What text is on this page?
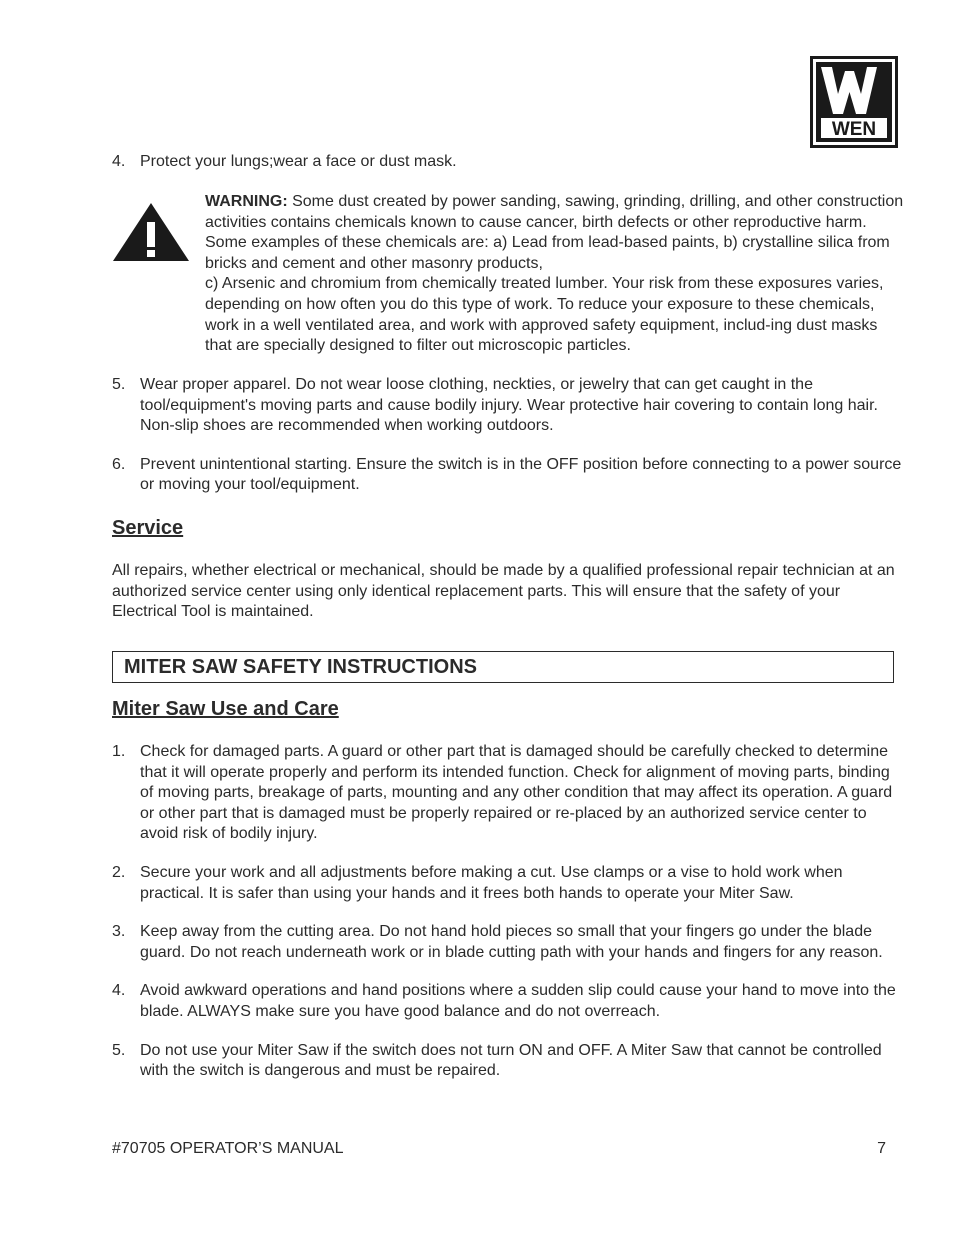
WEN
4. Protect your lungs;wear a face or dust mask.
WARNING: Some dust created by power sanding, sawing, grinding, drilling, and other construction activities contains chemicals known to cause cancer, birth defects or other reproductive harm. Some examples of these chemicals are: a) Lead from lead-based paints, b) crystalline silica from bricks and cement and other masonry products,
c) Arsenic and chromium from chemically treated lumber. Your risk from these exposures varies, depending on how often you do this type of work. To reduce your exposure to these chemicals, work in a well ventilated area, and work with approved safety equipment, includ-ing dust masks that are specially designed to filter out microscopic particles.
5. Wear proper apparel. Do not wear loose clothing, neckties, or jewelry that can get caught in the tool/equipment's moving parts and cause bodily injury. Wear protective hair covering to contain long hair. Non-slip shoes are recommended when working outdoors.
6. Prevent unintentional starting. Ensure the switch is in the OFF position before connecting to a power source or moving your tool/equipment.
Service
All repairs, whether electrical or mechanical, should be made by a qualified professional repair technician at an authorized service center using only identical replacement parts. This will ensure that the safety of your Electrical Tool is maintained.
MITER SAW SAFETY INSTRUCTIONS
Miter Saw Use and Care
1. Check for damaged parts. A guard or other part that is damaged should be carefully checked to determine that it will operate properly and perform its intended function. Check for alignment of moving parts, binding of moving parts, breakage of parts, mounting and any other condition that may affect its operation. A guard or other part that is damaged must be properly repaired or re-placed by an authorized service center to avoid risk of bodily injury.
2. Secure your work and all adjustments before making a cut. Use clamps or a vise to hold work when practical. It is safer than using your hands and it frees both hands to operate your Miter Saw.
3. Keep away from the cutting area. Do not hand hold pieces so small that your fingers go under the blade guard. Do not reach underneath work or in blade cutting path with your hands and fingers for any reason.
4. Avoid awkward operations and hand positions where a sudden slip could cause your hand to move into the blade. ALWAYS make sure you have good balance and do not overreach.
5. Do not use your Miter Saw if the switch does not turn ON and OFF. A Miter Saw that cannot be controlled with the switch is dangerous and must be repaired.
#70705 OPERATOR’S MANUAL	7
